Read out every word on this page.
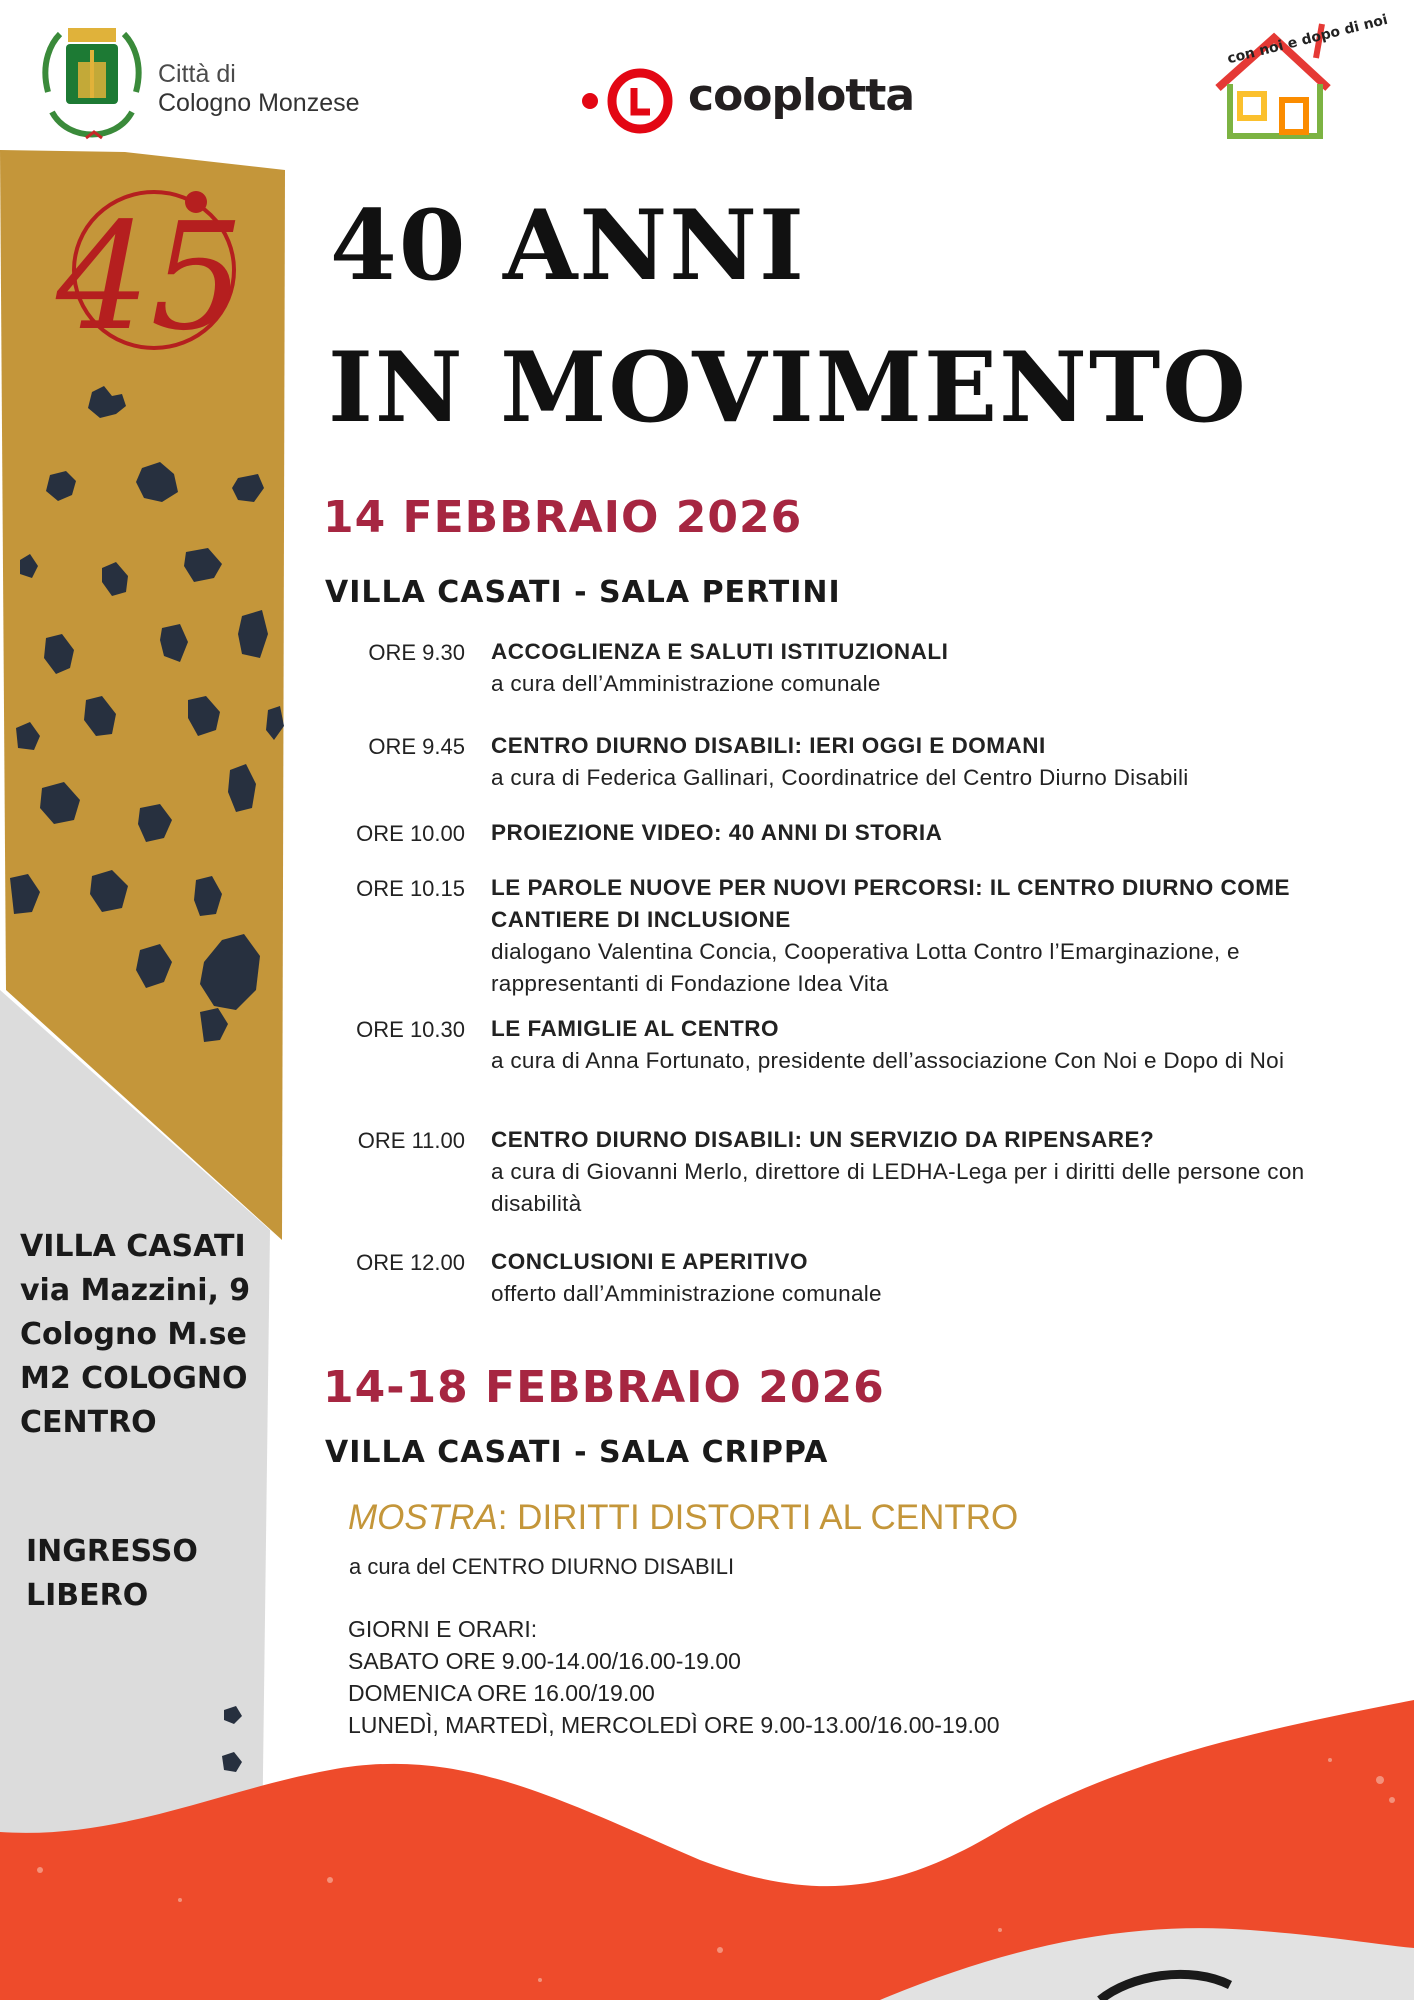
Città di
Cologno Monzese	cooplotta
con noi e dopo di noi
45 40 ANNI
IN MOVIMENTO
14 FEBBRAIO 2026
VILLA CASATI - SALA PERTINI
ORE 9.30 ACCOGLIENZA E SALUTI ISTITUZIONALI
a cura dell’Amministrazione comunale
ORE 9.45 CENTRO DIURNO DISABILI: IERI OGGI E DOMANI
a cura di Federica Gallinari, Coordinatrice del Centro Diurno Disabili
ORE 10.00 PROIEZIONE VIDEO: 40 ANNI DI STORIA
ORE 10.15 LE PAROLE NUOVE PER NUOVI PERCORSI: IL CENTRO DIURNO COME CANTIERE DI INCLUSIONE
dialogano Valentina Concia, Cooperativa Lotta Contro l’Emarginazione, e rappresentanti di Fondazione Idea Vita
ORE 10.30 LE FAMIGLIE AL CENTRO
a cura di Anna Fortunato, presidente dell’associazione Con Noi e Dopo di Noi
ORE 11.00 CENTRO DIURNO DISABILI: UN SERVIZIO DA RIPENSARE?
a cura di Giovanni Merlo, direttore di LEDHA-Lega per i diritti delle persone con disabilità
ORE 12.00 CONCLUSIONI E APERITIVO
offerto dall’Amministrazione comunale
14-18 FEBBRAIO 2026
VILLA CASATI - SALA CRIPPA
MOSTRA: DIRITTI DISTORTI AL CENTRO
a cura del CENTRO DIURNO DISABILI
GIORNI E ORARI:
SABATO ORE 9.00-14.00/16.00-19.00
DOMENICA ORE 16.00/19.00
LUNEDÌ, MARTEDÌ, MERCOLEDÌ ORE 9.00-13.00/16.00-19.00
VILLA CASATI
via Mazzini, 9
Cologno M.se
M2 COLOGNO
CENTRO
INGRESSO
LIBERO
